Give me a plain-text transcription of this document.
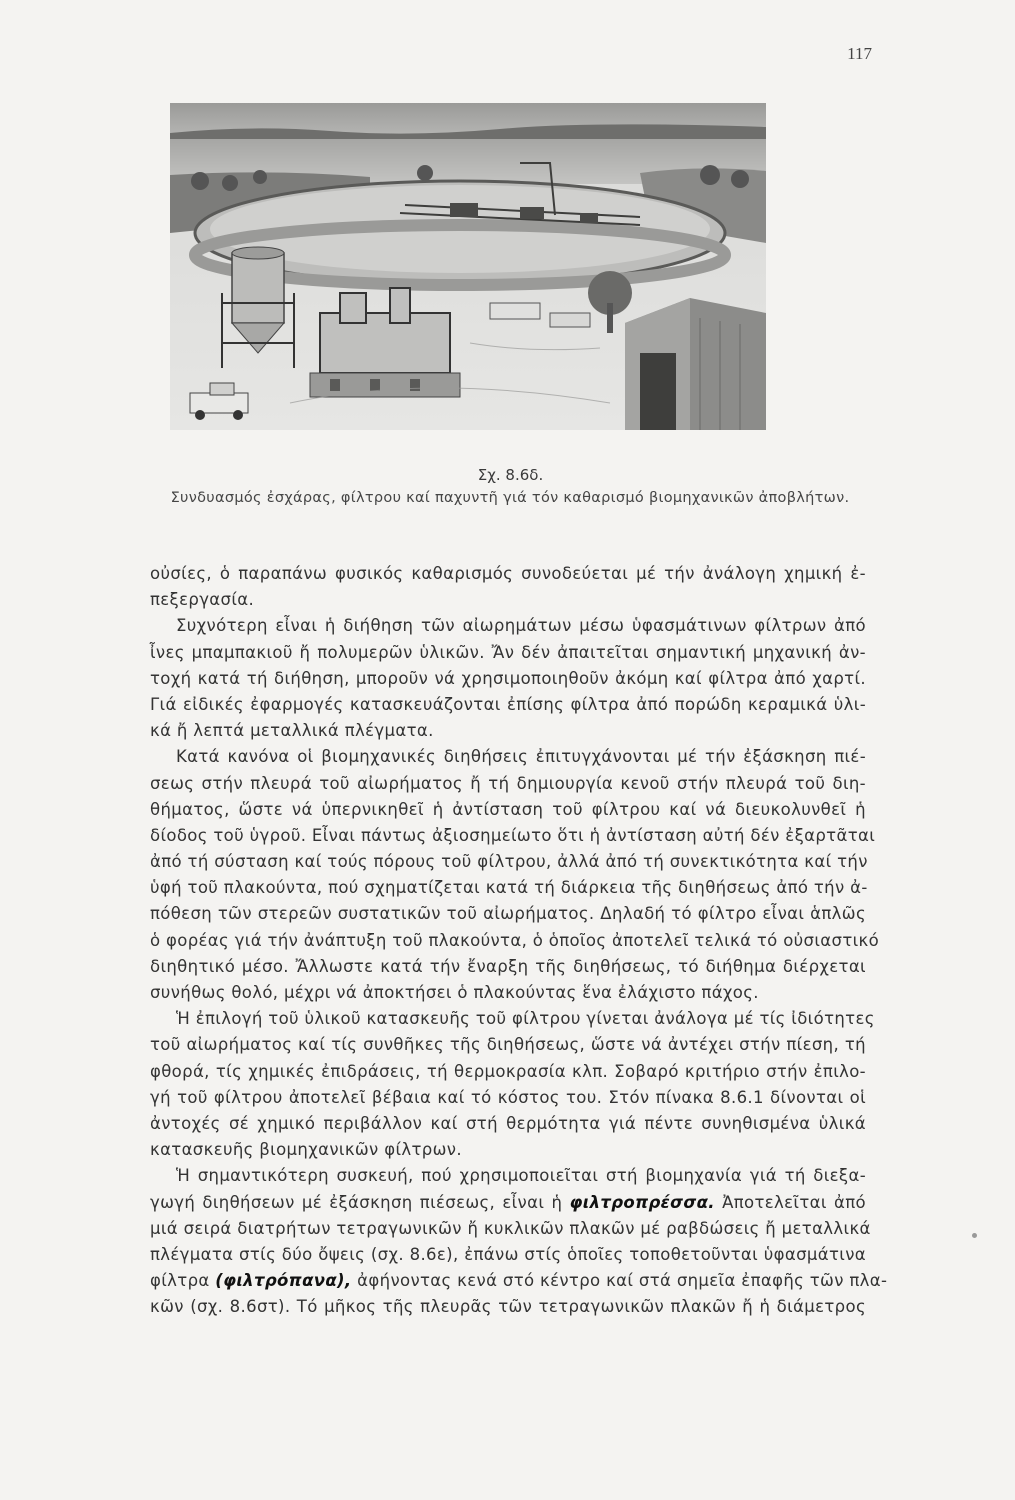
117
Σχ. 8.6δ.
Συνδυασμός ἐσχάρας, φίλτρου καί παχυντῆ γιά τόν καθαρισμό βιομηχανικῶν ἀποβλήτων.
οὐσίες, ὁ παραπάνω φυσικός καθαρισμός συνοδεύεται μέ τήν ἀνάλογη χημική ἐ-
πεξεργασία.
Συχνότερη εἶναι ἡ διήθηση τῶν αἰωρημάτων μέσω ὑφασμάτινων φίλτρων ἀπό
ἶνες μπαμπακιοῦ ἤ πολυμερῶν ὑλικῶν. Ἄν δέν ἀπαιτεῖται σημαντική μηχανική ἀν-
τοχή κατά τή διήθηση, μποροῦν νά χρησιμοποιηθοῦν ἀκόμη καί φίλτρα ἀπό χαρτί.
Γιά εἰδικές ἐφαρμογές κατασκευάζονται ἐπίσης φίλτρα ἀπό πορώδη κεραμικά ὑλι-
κά ἤ λεπτά μεταλλικά πλέγματα.
Κατά κανόνα οἱ βιομηχανικές διηθήσεις ἐπιτυγχάνονται μέ τήν ἐξάσκηση πιέ-
σεως στήν πλευρά τοῦ αἰωρήματος ἤ τή δημιουργία κενοῦ στήν πλευρά τοῦ διη-
θήματος, ὥστε νά ὑπερνικηθεῖ ἡ ἀντίσταση τοῦ φίλτρου καί νά διευκολυνθεῖ ἡ
δίοδος τοῦ ὑγροῦ. Εἶναι πάντως ἀξιοσημείωτο ὅτι ἡ ἀντίσταση αὐτή δέν ἐξαρτᾶται
ἀπό τή σύσταση καί τούς πόρους τοῦ φίλτρου, ἀλλά ἀπό τή συνεκτικότητα καί τήν
ὑφή τοῦ πλακούντα, πού σχηματίζεται κατά τή διάρκεια τῆς διηθήσεως ἀπό τήν ἀ-
πόθεση τῶν στερεῶν συστατικῶν τοῦ αἰωρήματος. Δηλαδή τό φίλτρο εἶναι ἁπλῶς
ὁ φορέας γιά τήν ἀνάπτυξη τοῦ πλακούντα, ὁ ὁποῖος ἀποτελεῖ τελικά τό οὐσιαστικό
διηθητικό μέσο. Ἄλλωστε κατά τήν ἔναρξη τῆς διηθήσεως, τό διήθημα διέρχεται
συνήθως θολό, μέχρι νά ἀποκτήσει ὁ πλακούντας ἕνα ἐλάχιστο πάχος.
Ἡ ἐπιλογή τοῦ ὑλικοῦ κατασκευῆς τοῦ φίλτρου γίνεται ἀνάλογα μέ τίς ἰδιότητες
τοῦ αἰωρήματος καί τίς συνθῆκες τῆς διηθήσεως, ὥστε νά ἀντέχει στήν πίεση, τή
φθορά, τίς χημικές ἐπιδράσεις, τή θερμοκρασία κλπ. Σοβαρό κριτήριο στήν ἐπιλο-
γή τοῦ φίλτρου ἀποτελεῖ βέβαια καί τό κόστος του. Στόν πίνακα 8.6.1 δίνονται οἱ
ἀντοχές σέ χημικό περιβάλλον καί στή θερμότητα γιά πέντε συνηθισμένα ὑλικά
κατασκευῆς βιομηχανικῶν φίλτρων.
Ἡ σημαντικότερη συσκευή, πού χρησιμοποιεῖται στή βιομηχανία γιά τή διεξα-
γωγή διηθήσεων μέ ἐξάσκηση πιέσεως, εἶναι ἡ φιλτροπρέσσα. Ἀποτελεῖται ἀπό
μιά σειρά διατρήτων τετραγωνικῶν ἤ κυκλικῶν πλακῶν μέ ραβδώσεις ἤ μεταλλικά
πλέγματα στίς δύο ὄψεις (σχ. 8.6ε), ἐπάνω στίς ὁποῖες τοποθετοῦνται ὑφασμάτινα
φίλτρα (φιλτρόπανα), ἀφήνοντας κενά στό κέντρο καί στά σημεῖα ἐπαφῆς τῶν πλα-
κῶν (σχ. 8.6στ). Τό μῆκος τῆς πλευρᾶς τῶν τετραγωνικῶν πλακῶν ἤ ἡ διάμετρος
